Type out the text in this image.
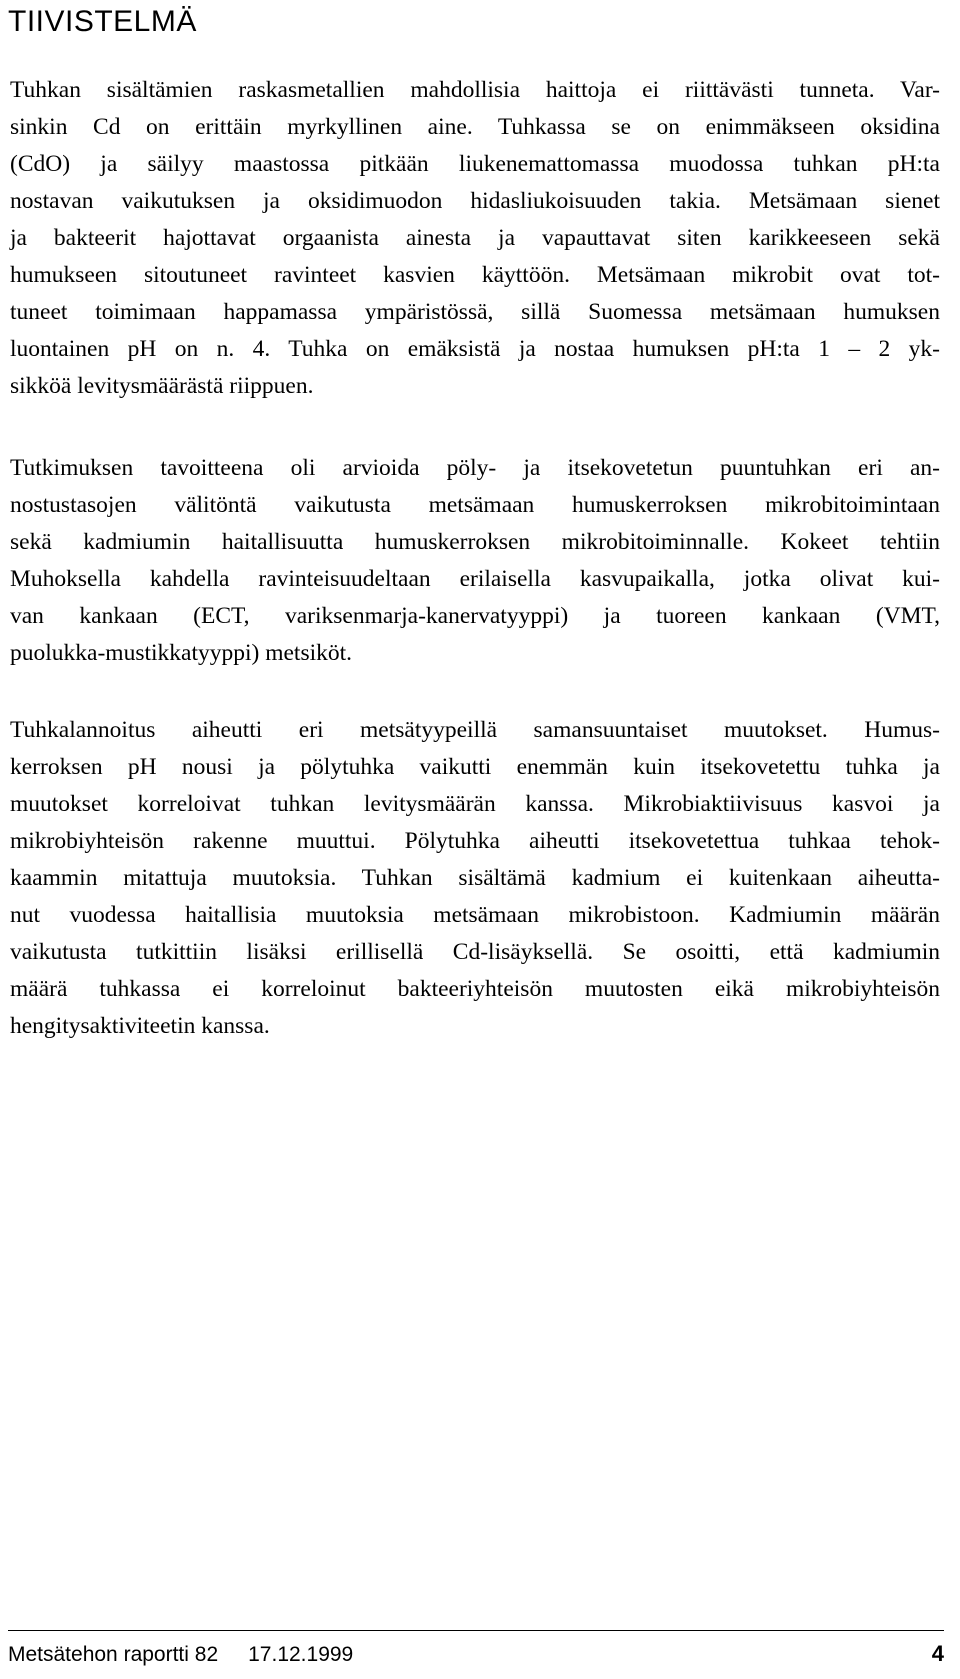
TIIVISTELMÄ
Tuhkan sisältämien raskasmetallien mahdollisia haittoja ei riittävästi tunneta. Var-
sinkin Cd on erittäin myrkyllinen aine. Tuhkassa se on enimmäkseen oksidina
(CdO) ja säilyy maastossa pitkään liukenemattomassa muodossa tuhkan pH:ta
nostavan vaikutuksen ja oksidimuodon hidasliukoisuuden takia. Metsämaan sienet
ja bakteerit hajottavat orgaanista ainesta ja vapauttavat siten karikkeeseen sekä
humukseen sitoutuneet ravinteet kasvien käyttöön. Metsämaan mikrobit ovat tot-
tuneet toimimaan happamassa ympäristössä, sillä Suomessa metsämaan humuksen
luontainen pH on n. 4. Tuhka on emäksistä ja nostaa humuksen pH:ta 1 – 2 yk-
sikköä levitysmäärästä riippuen.
Tutkimuksen tavoitteena oli arvioida pöly- ja itsekovetetun puuntuhkan eri an-
nostustasojen välitöntä vaikutusta metsämaan humuskerroksen mikrobitoimintaan
sekä kadmiumin haitallisuutta humuskerroksen mikrobitoiminnalle. Kokeet tehtiin
Muhoksella kahdella ravinteisuudeltaan erilaisella kasvupaikalla, jotka olivat kui-
van kankaan (ECT, variksenmarja-kanervatyyppi) ja tuoreen kankaan (VMT,
puolukka-mustikkatyyppi) metsiköt.
Tuhkalannoitus aiheutti eri metsätyypeillä samansuuntaiset muutokset. Humus-
kerroksen pH nousi ja pölytuhka vaikutti enemmän kuin itsekovetettu tuhka ja
muutokset korreloivat tuhkan levitysmäärän kanssa. Mikrobiaktiivisuus kasvoi ja
mikrobiyhteisön rakenne muuttui. Pölytuhka aiheutti itsekovetettua tuhkaa tehok-
kaammin mitattuja muutoksia. Tuhkan sisältämä kadmium ei kuitenkaan aiheutta-
nut vuodessa haitallisia muutoksia metsämaan mikrobistoon. Kadmiumin määrän
vaikutusta tutkittiin lisäksi erillisellä Cd-lisäyksellä. Se osoitti, että kadmiumin
määrä tuhkassa ei korreloinut bakteeriyhteisön muutosten eikä mikrobiyhteisön
hengitysaktiviteetin kanssa.
Metsätehon raportti 82 17.12.1999	4
